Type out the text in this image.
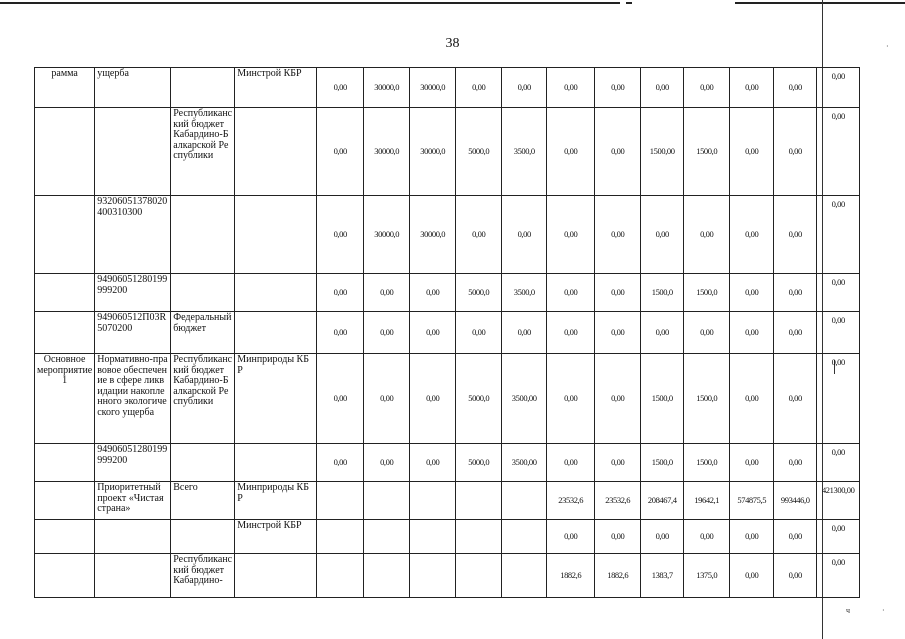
·
ч	·
38
рамма	ущерба		Минстрой КБР	0,00	30000,0	30000,0	0,00	0,00	0,00	0,00	0,00	0,00	0,00	0,00	0,00
		Республиканский бюджет Кабардино-Балкарской Республики		0,00	30000,0	30000,0	5000,0	3500,0	0,00	0,00	1500,00	1500,0	0,00	0,00	0,00
	93206051378020400310300			0,00	30000,0	30000,0	0,00	0,00	0,00	0,00	0,00	0,00	0,00	0,00	0,00
	94906051280199999200			0,00	0,00	0,00	5000,0	3500,0	0,00	0,00	1500,0	1500,0	0,00	0,00	0,00
	949060512П03R5070200	Федеральный бюджет		0,00	0,00	0,00	0,00	0,00	0,00	0,00	0,00	0,00	0,00	0,00	0,00
Основное мероприятие 1	Нормативно-правовое обеспечение в сфере ликвидации накопленного экологического ущерба	Республиканский бюджет Кабардино-Балкарской Республики	Минприроды КБР	0,00	0,00	0,00	5000,0	3500,00	0,00	0,00	1500,0	1500,0	0,00	0,00	0,00
	94906051280199999200			0,00	0,00	0,00	5000,0	3500,00	0,00	0,00	1500,0	1500,0	0,00	0,00	0,00
	Приоритетный проект «Чистая страна»	Всего	Минприроды КБР						23532,6	23532,6	208467,4	19642,1	574875,5	993446,0	421300,00
			Минстрой КБР						0,00	0,00	0,00	0,00	0,00	0,00	0,00
		Республиканский бюджет Кабардино-							1882,6	1882,6	1383,7	1375,0	0,00	0,00	0,00
